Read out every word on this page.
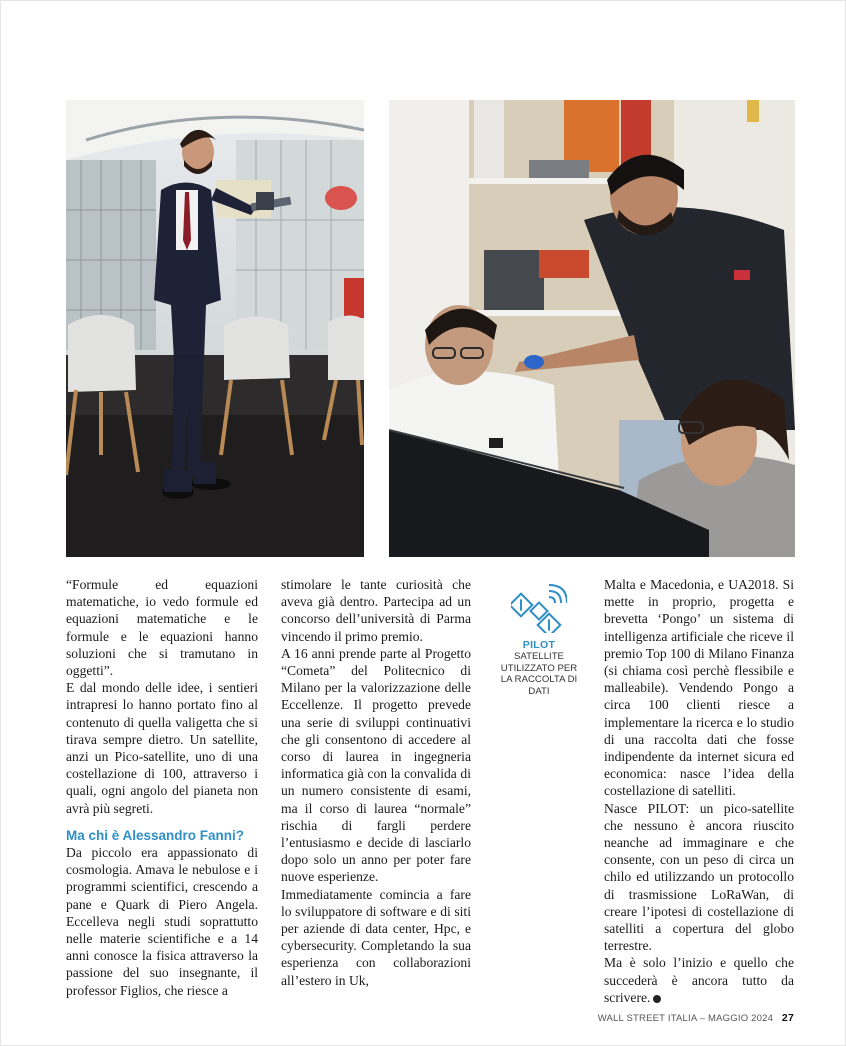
“Formule ed equazioni matematiche, io vedo formule ed equazioni matematiche e le formule e le equazioni hanno soluzioni che si tramutano in oggetti”.

E dal mondo delle idee, i sentieri intrapresi lo hanno portato fino al contenuto di quella valigetta che si tirava sempre dietro. Un satellite, anzi un Pico-satellite, uno di una costellazione di 100, attraverso i quali, ogni angolo del pianeta non avrà più segreti.

Ma chi è Alessandro Fanni?

Da piccolo era appassionato di cosmologia. Amava le nebulose e i programmi scientifici, crescendo a pane e Quark di Piero Angela. Eccelleva negli studi soprattutto nelle materie scientifiche e a 14 anni conosce la fisica attraverso la passione del suo insegnante, il professor Figlios, che riesce a

stimolare le tante curiosità che aveva già dentro. Partecipa ad un concorso dell’università di Parma vincendo il primo premio.

A 16 anni prende parte al Progetto “Cometa” del Politecnico di Milano per la valorizzazione delle Eccellenze. Il progetto prevede una serie di sviluppi continuativi che gli consentono di accedere al corso di laurea in ingegneria informatica già con la convalida di un numero consistente di esami, ma il corso di laurea “normale” rischia di fargli perdere l’entusiasmo e decide di lasciarlo dopo solo un anno per poter fare nuove esperienze.

Immediatamente comincia a fare lo sviluppatore di software e di siti per aziende di data center, Hpc, e cybersecurity. Completando la sua esperienza con collaborazioni all’estero in Uk,

PILOT
SATELLITE UTILIZZATO PER LA RACCOLTA DI DATI

Malta e Macedonia, e UA2018. Si mette in proprio, progetta e brevetta ‘Pongo’ un sistema di intelligenza artificiale che riceve il premio Top 100 di Milano Finanza (si chiama così perchè flessibile e malleabile). Vendendo Pongo a circa 100 clienti riesce a implementare la ricerca e lo studio di una raccolta dati che fosse indipendente da internet sicura ed economica: nasce l’idea della costellazione di satelliti.

Nasce PILOT: un pico-satellite che nessuno è ancora riuscito neanche ad immaginare e che consente, con un peso di circa un chilo ed utilizzando un protocollo di trasmissione LoRaWan, di creare l’ipotesi di costellazione di satelliti a copertura del globo terrestre.

Ma è solo l’inizio e quello che succederà è ancora tutto da scrivere.

WALL STREET ITALIA – MAGGIO 2024 27
